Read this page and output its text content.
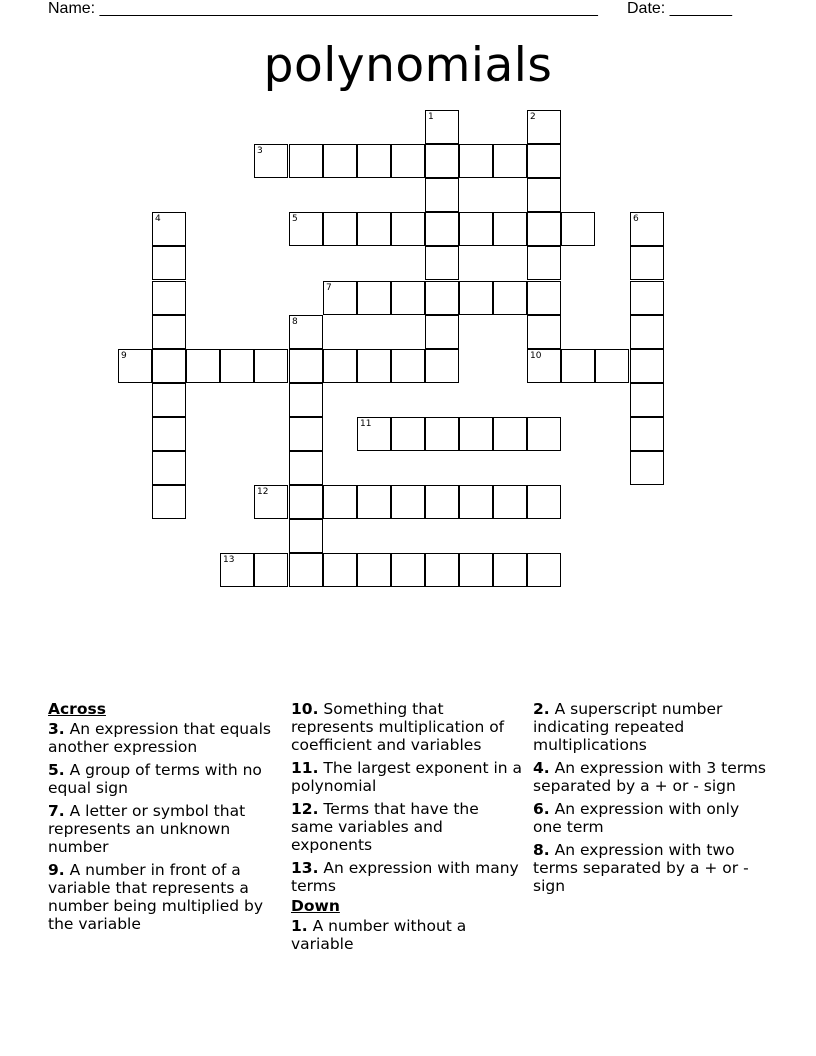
Name: ________________________________________________________ Date: _______
polynomials
1	2
3
4	5	6
7
8
9	10
11
12
13
Across
3. An expression that equals another expression
5. A group of terms with no equal sign
7. A letter or symbol that represents an unknown number
9. A number in front of a variable that represents a number being multiplied by the variable
10. Something that represents multiplication of coefficient and variables
11. The largest exponent in a polynomial
12. Terms that have the same variables and exponents
13. An expression with many terms
Down
1. A number without a variable
2. A superscript number indicating repeated multiplications
4. An expression with 3 terms separated by a + or - sign
6. An expression with only one term
8. An expression with two terms separated by a + or - sign
